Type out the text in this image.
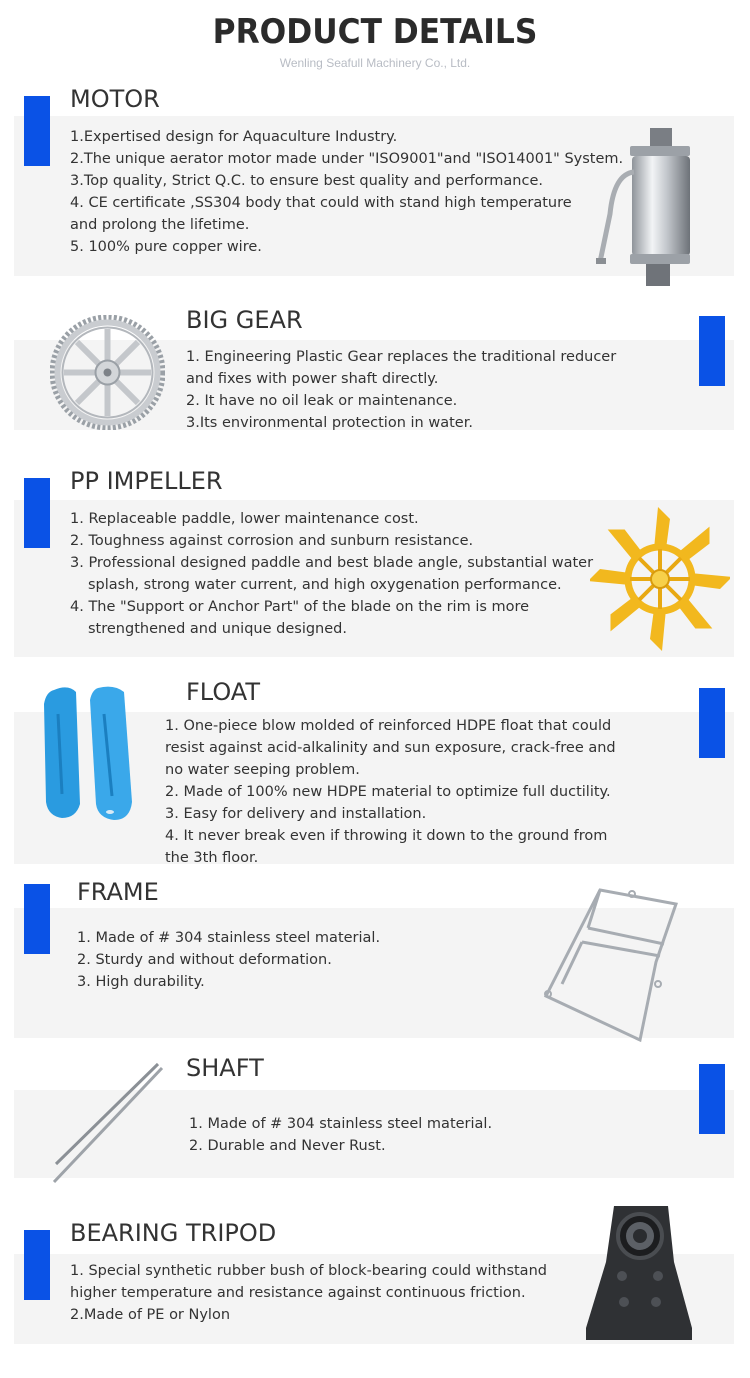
PRODUCT DETAILS
Wenling Seafull Machinery Co., Ltd.
MOTOR

1.Expertised design for Aquaculture Industry.

2.The unique aerator motor made under "ISO9001"and "ISO14001" System.

3.Top quality, Strict Q.C. to ensure best quality and performance.

4. CE certificate ,SS304 body that could with stand high temperature

and prolong the lifetime.

5. 100% pure copper wire.

BIG GEAR

1. Engineering Plastic Gear replaces the traditional reducer

and fixes with power shaft directly.

2. It have no oil leak or maintenance.

3.Its environmental protection in water.

PP IMPELLER

1. Replaceable paddle, lower maintenance cost.

2. Toughness against corrosion and sunburn resistance.

3. Professional designed paddle and best blade angle, substantial water

splash, strong water current, and high oxygenation performance.

4. The "Support or Anchor Part" of the blade on the rim is more

strengthened and unique designed.

FLOAT

1. One-piece blow molded of reinforced HDPE float that could

resist against acid-alkalinity and sun exposure, crack-free and

no water seeping problem.

2. Made of 100% new HDPE material to optimize full ductility.

3. Easy for delivery and installation.

4. It never break even if throwing it down to the ground from

the 3th floor.

FRAME

1. Made of # 304 stainless steel material.

2. Sturdy and without deformation.

3. High durability.

SHAFT

1. Made of # 304 stainless steel material.

2. Durable and Never Rust.

BEARING TRIPOD

1. Special synthetic rubber bush of block-bearing could withstand

higher temperature and resistance against continuous friction.

2.Made of PE or Nylon
